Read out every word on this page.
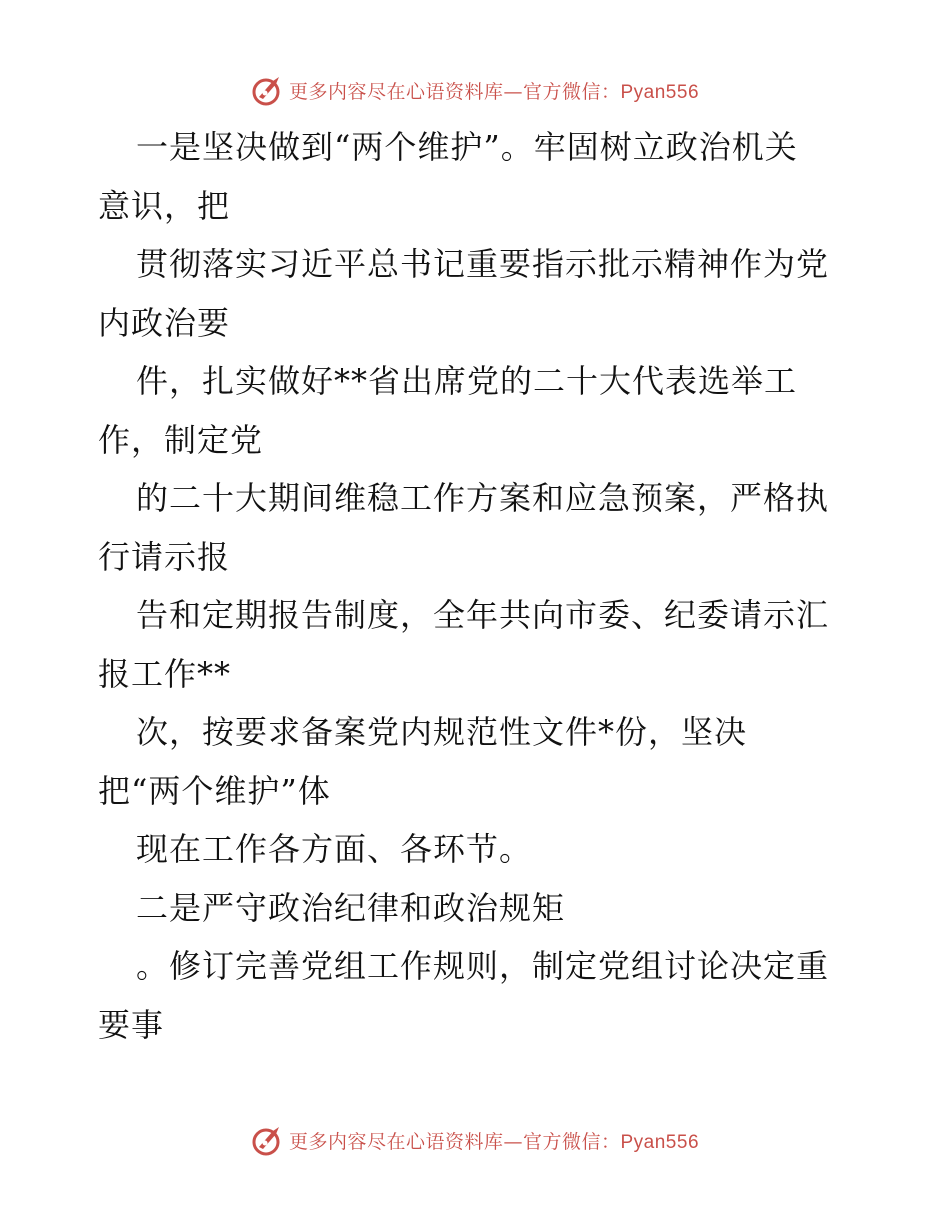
更多内容尽在心语资料库—官方微信：Pyan556
一是坚决做到“两个维护”。牢固树立政治机关
意识，把
贯彻落实习近平总书记重要指示批示精神作为党
内政治要
件，扎实做好**省出席党的二十大代表选举工
作，制定党
的二十大期间维稳工作方案和应急预案，严格执
行请示报
告和定期报告制度，全年共向市委、纪委请示汇
报工作**
次，按要求备案党内规范性文件*份，坚决
把“两个维护”体
现在工作各方面、各环节。
二是严守政治纪律和政治规矩
。修订完善党组工作规则，制定党组讨论决定重
要事
更多内容尽在心语资料库—官方微信：Pyan556
